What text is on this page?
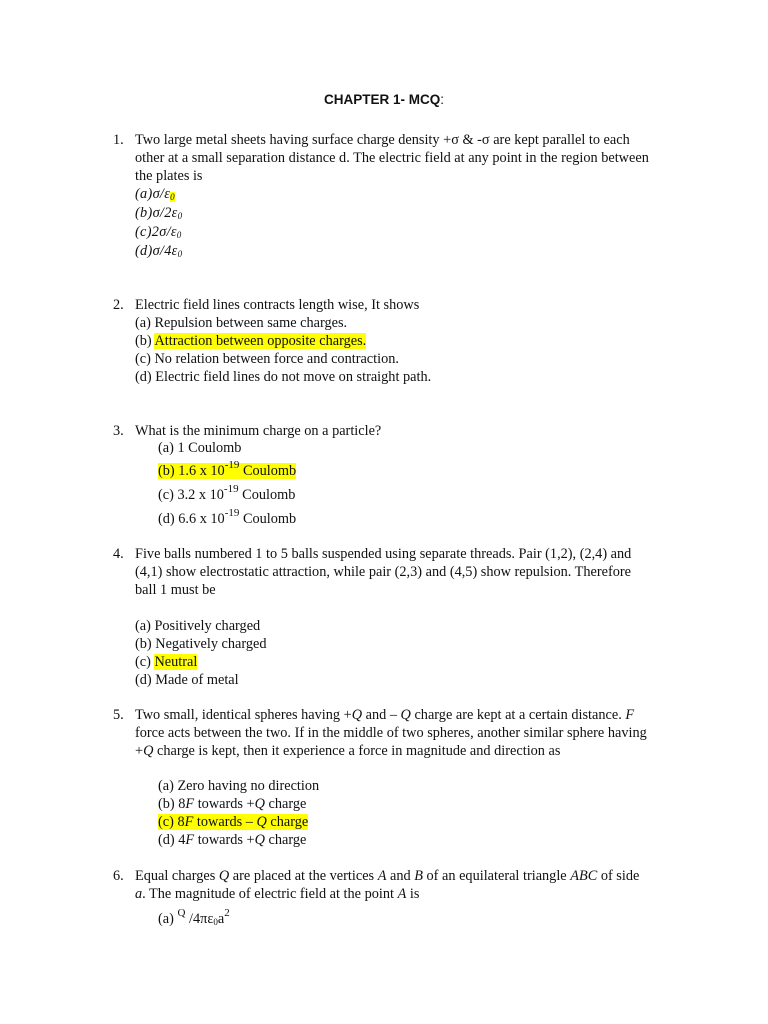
CHAPTER 1- MCQ:
1. Two large metal sheets having surface charge density +σ & -σ are kept parallel to each
other at a small separation distance d. The electric field at any point in the region between
the plates is
$(a)\sigma/\varepsilon_0$
$(b)\sigma/2\varepsilon_0$
$(c)2\sigma/\varepsilon_0$
$(d)\sigma/4\varepsilon_0$
2. Electric field lines contracts length wise, It shows
(a) Repulsion between same charges.
(b) Attraction between opposite charges.
(c) No relation between force and contraction.
(d) Electric field lines do not move on straight path.
3. What is the minimum charge on a particle?
(a) 1 Coulomb
(b) 1.6 x $10^{-19}$ Coulomb
(c) 3.2 x $10^{-19}$ Coulomb
(d) 6.6 x $10^{-19}$ Coulomb
4. Five balls numbered 1 to 5 balls suspended using separate threads. Pair (1,2), (2,4) and
(4,1) show electrostatic attraction, while pair (2,3) and (4,5) show repulsion. Therefore
ball 1 must be
(a) Positively charged
(b) Negatively charged
(c) Neutral
(d) Made of metal
5. Two small, identical spheres having +Q and – Q charge are kept at a certain distance. F
force acts between the two. If in the middle of two spheres, another similar sphere having
+Q charge is kept, then it experience a force in magnitude and direction as
(a) Zero having no direction
(b) 8F towards +Q charge
(c) 8F towards – Q charge
(d) 4F towards +Q charge
6. Equal charges Q are placed at the vertices A and B of an equilateral triangle ABC of side
a. The magnitude of electric field at the point A is
(a) $^Q$ $/4\pi\varepsilon_0a^2$
